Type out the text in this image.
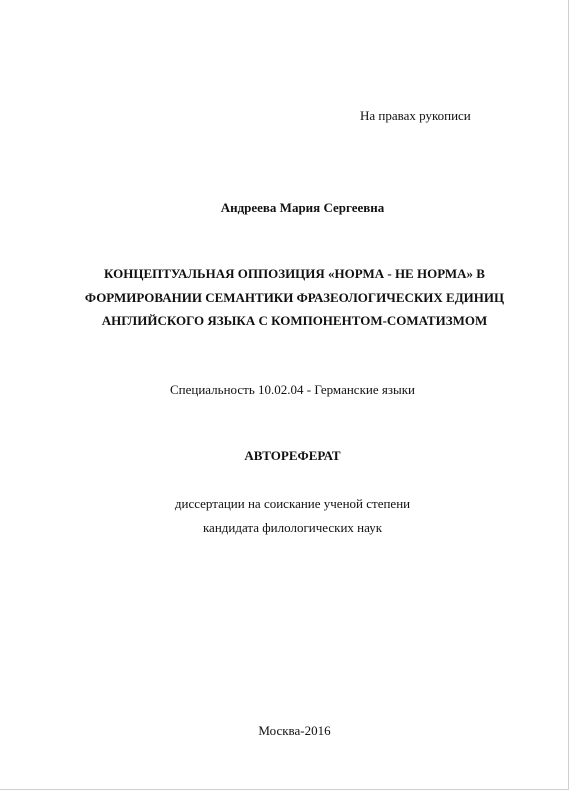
На правах рукописи
Андреева Мария Сергеевна
КОНЦЕПТУАЛЬНАЯ ОППОЗИЦИЯ «НОРМА - НЕ НОРМА» В
ФОРМИРОВАНИИ СЕМАНТИКИ ФРАЗЕОЛОГИЧЕСКИХ ЕДИНИЦ
АНГЛИЙСКОГО ЯЗЫКА С КОМПОНЕНТОМ-СОМАТИЗМОМ
Специальность 10.02.04 - Германские языки
АВТОРЕФЕРАТ
диссертации на соискание ученой степени
кандидата филологических наук
Москва-2016
